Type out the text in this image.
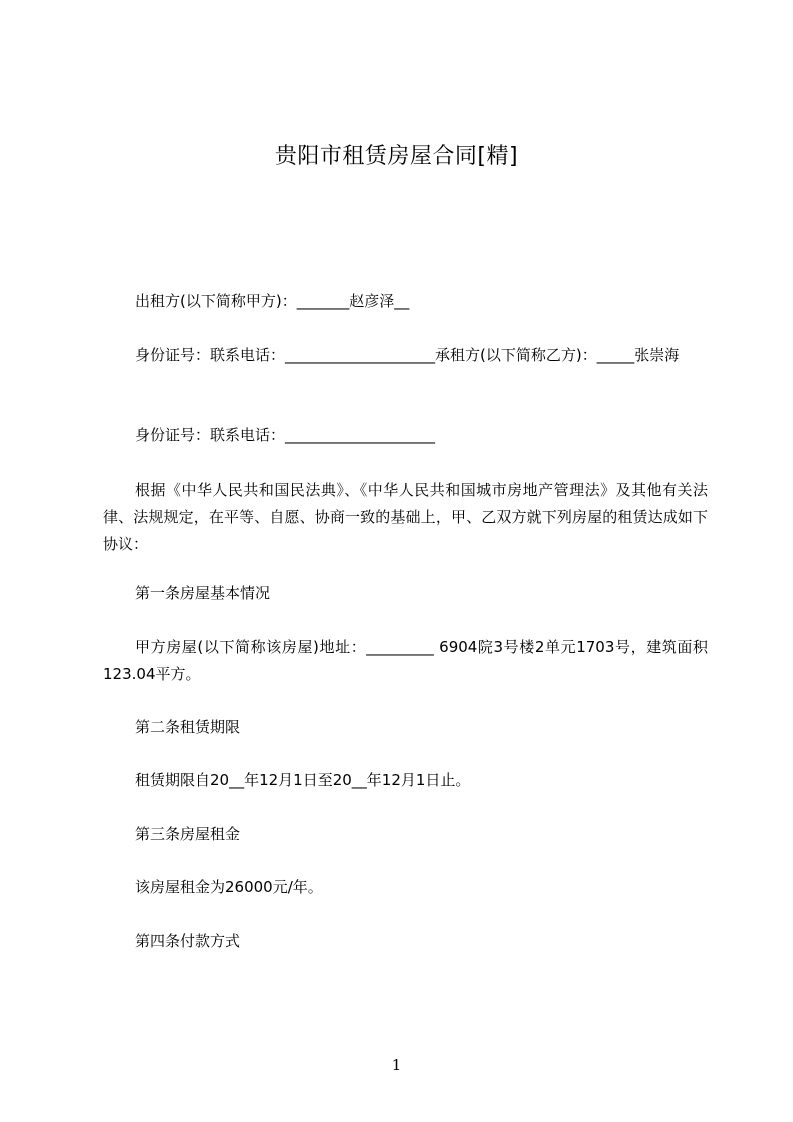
贵阳市租赁房屋合同[精]
出租方(以下简称甲方)：_______赵彦泽__
身份证号：联系电话：____________________承租方(以下简称乙方)：_____张崇海
身份证号：联系电话：____________________
根据《中华人民共和国民法典》、《中华人民共和国城市房地产管理法》及其他有关法律、法规规定，在平等、自愿、协商一致的基础上，甲、乙双方就下列房屋的租赁达成如下协议：
第一条房屋基本情况
甲方房屋(以下简称该房屋)地址：_________ 6904院3号楼2单元1703号，建筑面积123.04平方。
第二条租赁期限
租赁期限自20__年12月1日至20__年12月1日止。
第三条房屋租金
该房屋租金为26000元/年。
第四条付款方式
1
